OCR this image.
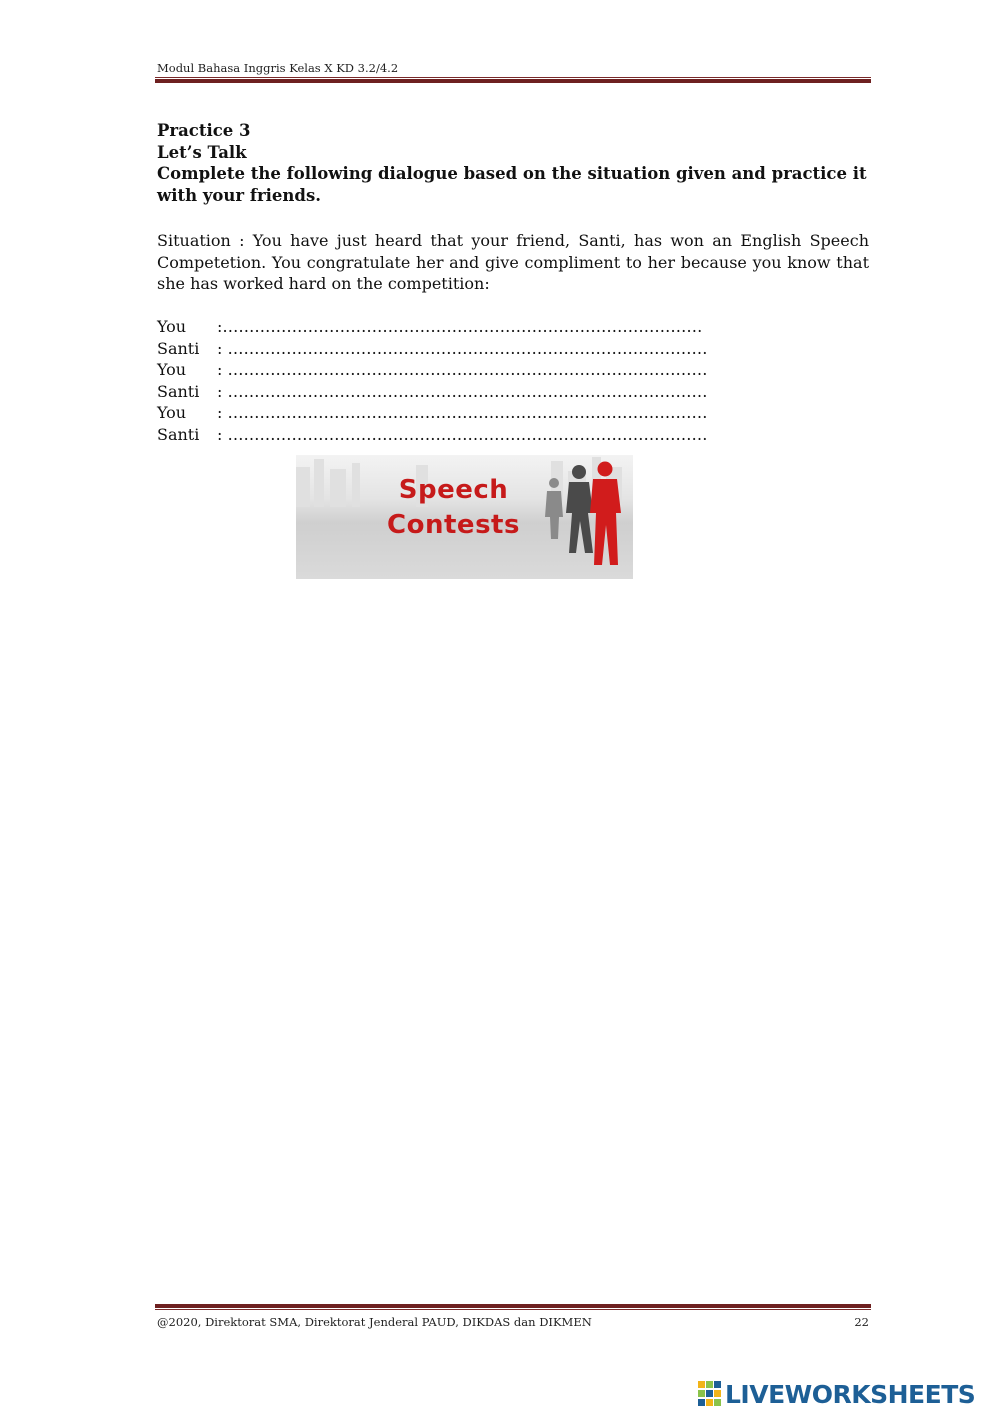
Modul Bahasa Inggris Kelas X KD 3.2/4.2
Practice 3
Let’s Talk
Complete the following dialogue based on the situation given and practice it with your friends.
Situation : You have just heard that your friend, Santi, has won an English Speech Competetion. You congratulate her and give compliment to her because you know that she has worked hard on the competition:
You	:………………………………………………………………………………
Santi	: ………………………………………………………………………………
You	: ………………………………………………………………………………
Santi	: ………………………………………………………………………………
You	: ………………………………………………………………………………
Santi	: ………………………………………………………………………………
Speech
Contests
@2020, Direktorat SMA, Direktorat Jenderal PAUD, DIKDAS dan DIKMEN	22
LIVEWORKSHEETS
